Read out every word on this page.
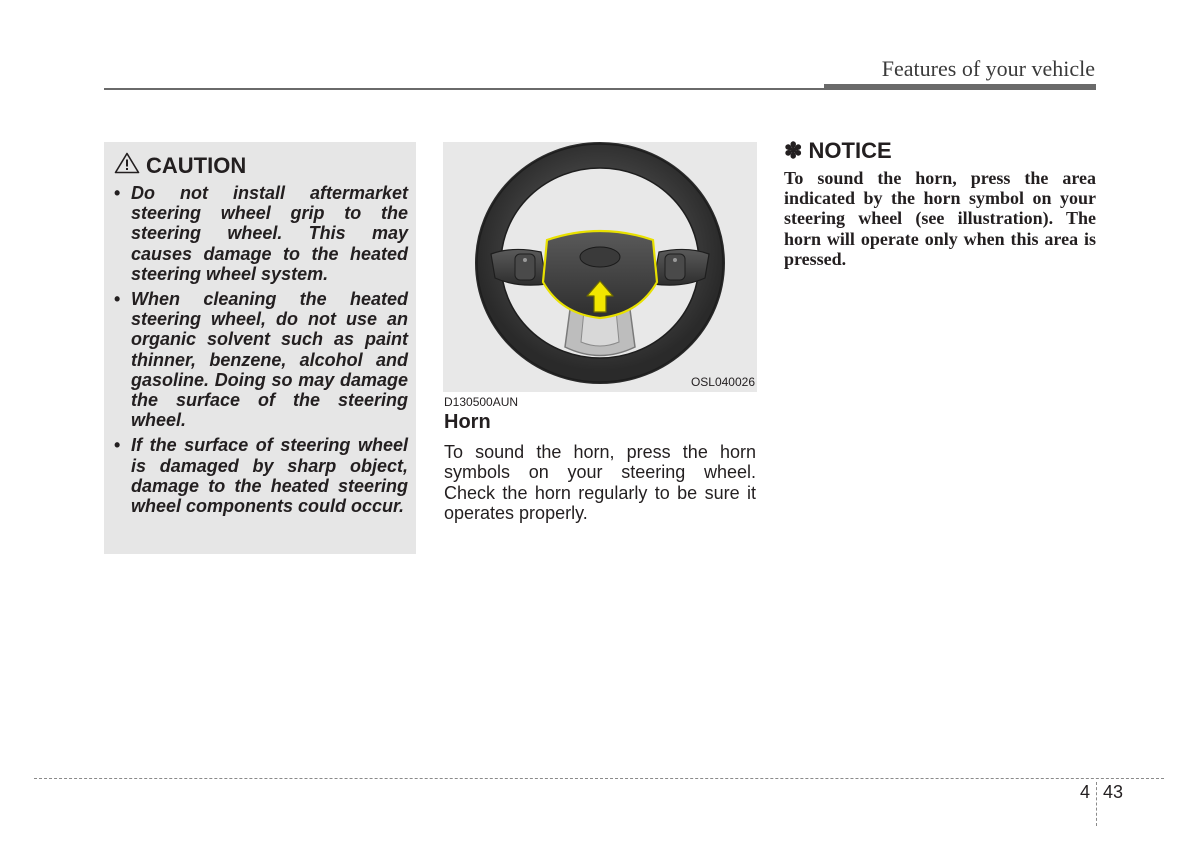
Features of your vehicle
CAUTION
• Do not install aftermarket steering wheel grip to the steering wheel. This may causes damage to the heated steering wheel system.
• When cleaning the heated steering wheel, do not use an organic solvent such as paint thinner, benzene, alcohol and gasoline. Doing so may damage the surface of the steering wheel.
• If the surface of steering wheel is damaged by sharp object, damage to the heated steering wheel components could occur.
OSL040026
D130500AUN
Horn

To sound the horn, press the horn symbols on your steering wheel. Check the horn regularly to be sure it operates properly.

✽ NOTICE

To sound the horn, press the area indicated by the horn symbol on your steering wheel (see illustration). The horn will operate only when this area is pressed.

4 43
